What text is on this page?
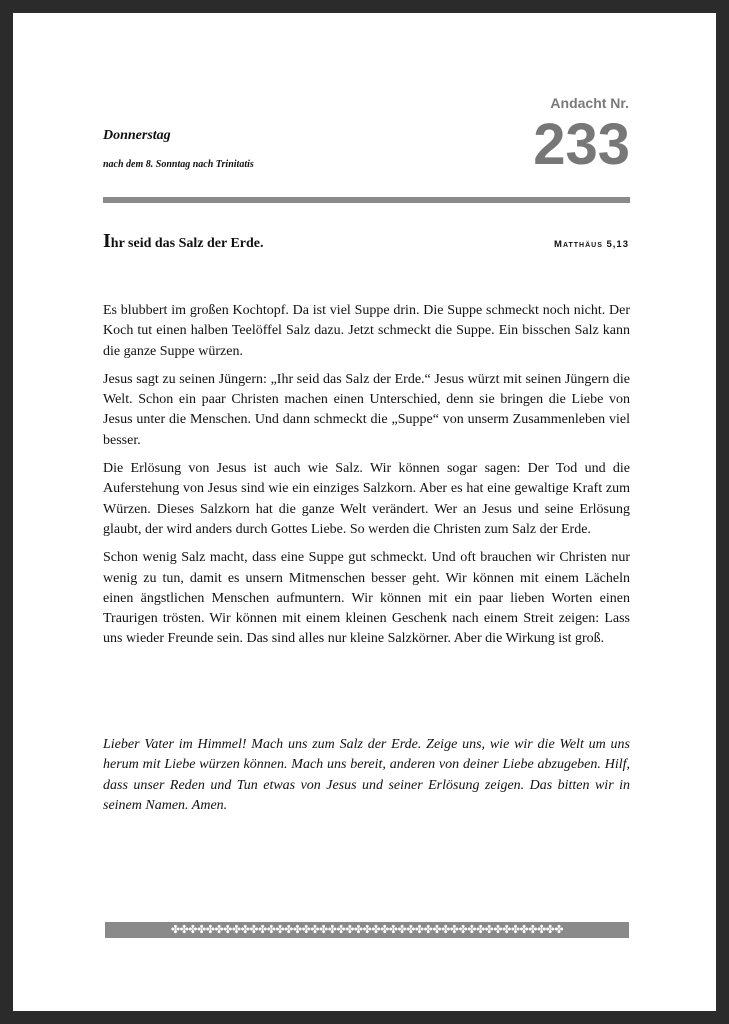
Donnerstag
nach dem 8. Sonntag nach Trinitatis
Andacht Nr.
233
Ihr seid das Salz der Erde.	Matthäus 5,13

Es blubbert im großen Kochtopf. Da ist viel Suppe drin. Die Suppe schmeckt noch nicht. Der Koch tut einen halben Teelöffel Salz dazu. Jetzt schmeckt die Suppe. Ein bisschen Salz kann die ganze Suppe würzen.

Jesus sagt zu seinen Jüngern: „Ihr seid das Salz der Erde.“ Jesus würzt mit seinen Jüngern die Welt. Schon ein paar Christen machen einen Unterschied, denn sie bringen die Liebe von Jesus unter die Menschen. Und dann schmeckt die „Suppe“ von unserm Zusammenleben viel besser.

Die Erlösung von Jesus ist auch wie Salz. Wir können sogar sagen: Der Tod und die Auferstehung von Jesus sind wie ein einziges Salzkorn. Aber es hat eine gewaltige Kraft zum Würzen. Dieses Salzkorn hat die ganze Welt verändert. Wer an Jesus und seine Erlösung glaubt, der wird anders durch Gottes Liebe. So werden die Christen zum Salz der Erde.

Schon wenig Salz macht, dass eine Suppe gut schmeckt. Und oft brauchen wir Christen nur wenig zu tun, damit es unsern Mitmenschen besser geht. Wir können mit einem Lächeln einen ängstlichen Menschen aufmuntern. Wir können mit ein paar lieben Worten einen Traurigen trösten. Wir können mit einem kleinen Geschenk nach einem Streit zeigen: Lass uns wieder Freunde sein. Das sind alles nur kleine Salzkörner. Aber die Wirkung ist groß.

Lieber Vater im Himmel! Mach uns zum Salz der Erde. Zeige uns, wie wir die Welt um uns herum mit Liebe würzen können. Mach uns bereit, anderen von deiner Liebe abzugeben. Hilf, dass unser Reden und Tun etwas von Jesus und seiner Erlösung zeigen. Das bitten wir in seinem Namen. Amen.
✤✤✤✤✤✤✤✤✤✤✤✤✤✤✤✤✤✤✤✤✤✤✤✤✤✤✤✤✤✤✤✤✤✤✤✤✤✤✤✤✤✤✤✤✤
